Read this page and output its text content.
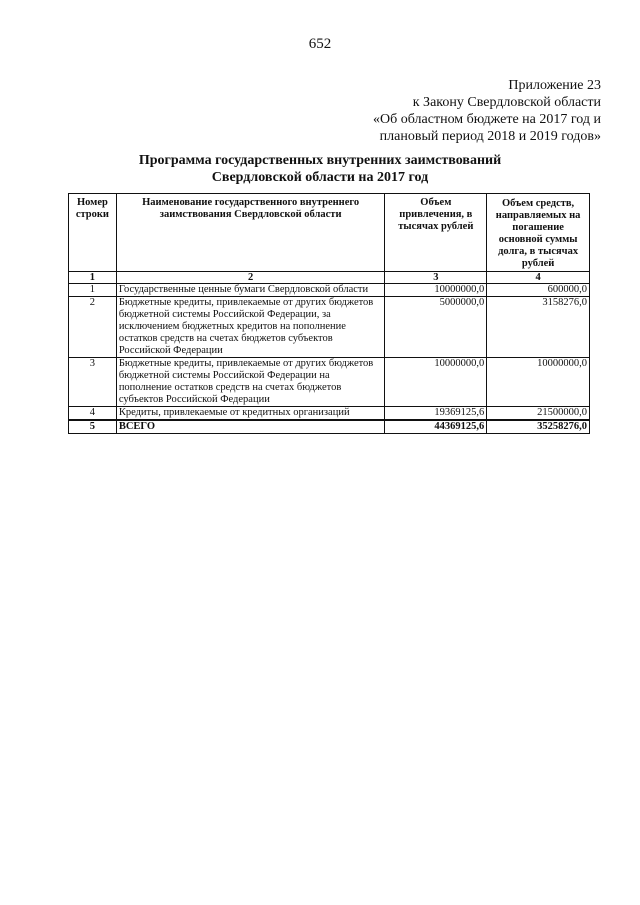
652
Приложение 23
к Закону Свердловской области
«Об областном бюджете на 2017 год и
плановый период 2018 и 2019 годов»
Программа государственных внутренних заимствований
Свердловской области на 2017 год
Номер строки	Наименование государственного внутреннего заимствования Свердловской области	Объем привлечения, в тысячах рублей	Объем средств, направляемых на погашение основной суммы долга, в тысячах рублей
1	2	3	4
1	Государственные ценные бумаги Свердловской области	10000000,0	600000,0
2	Бюджетные кредиты, привлекаемые от других бюджетов бюджетной системы Российской Федерации, за исключением бюджетных кредитов на пополнение остатков средств на счетах бюджетов субъектов Российской Федерации	5000000,0	3158276,0
3	Бюджетные кредиты, привлекаемые от других бюджетов бюджетной системы Российской Федерации на пополнение остатков средств на счетах бюджетов субъектов Российской Федерации	10000000,0	10000000,0
4	Кредиты, привлекаемые от кредитных организаций	19369125,6	21500000,0
5	ВСЕГО	44369125,6	35258276,0
